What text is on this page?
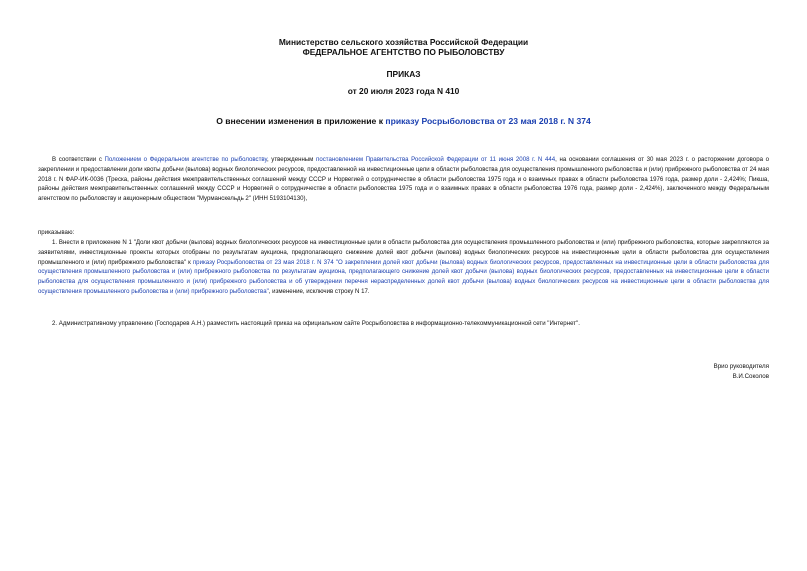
Министерство сельского хозяйства Российской Федерации
ФЕДЕРАЛЬНОЕ АГЕНТСТВО ПО РЫБОЛОВСТВУ
ПРИКАЗ
от 20 июля 2023 года N 410
О внесении изменения в приложение к приказу Росрыболовства от 23 мая 2018 г. N 374
В соответствии с Положением о Федеральном агентстве по рыболовству, утвержденным постановлением Правительства Российской Федерации от 11 июня 2008 г. N 444, на основании соглашения от 30 мая 2023 г. о расторжении договора о закреплении и предоставлении доли квоты добычи (вылова) водных биологических ресурсов, предоставленной на инвестиционные цели в области рыболовства для осуществления промышленного рыболовства и (или) прибрежного рыболовства от 24 мая 2018 г. N ФАР-ИК-0036 (Треска, районы действия межправительственных соглашений между СССР и Норвегией о сотрудничестве в области рыболовства 1975 года и о взаимных правах в области рыболовства 1976 года, размер доли - 2,424%; Пикша, районы действия межправительственных соглашений между СССР и Норвегией о сотрудничестве в области рыболовства 1975 года и о взаимных правах в области рыболовства 1976 года, размер доли - 2,424%), заключенного между Федеральным агентством по рыболовству и акционерным обществом "Мурманскельдь 2" (ИНН 5193104130),
приказываю:
1. Внести в приложение N 1 "Доли квот добычи (вылова) водных биологических ресурсов на инвестиционные цели в области рыболовства для осуществления промышленного рыболовства и (или) прибрежного рыболовства, которые закрепляются за заявителями, инвестиционные проекты которых отобраны по результатам аукциона, предполагающего снижение долей квот добычи (вылова) водных биологических ресурсов на инвестиционные цели в области рыболовства для осуществления промышленного и (или) прибрежного рыболовства" к приказу Росрыболовства от 23 мая 2018 г. N 374 "О закреплении долей квот добычи (вылова) водных биологических ресурсов, предоставленных на инвестиционные цели в области рыболовства для осуществления промышленного рыболовства и (или) прибрежного рыболовства по результатам аукциона, предполагающего снижение долей квот добычи (вылова) водных биологических ресурсов, предоставленных на инвестиционные цели в области рыболовства для осуществления промышленного и (или) прибрежного рыболовства и об утверждении перечня нераспределенных долей квот добычи (вылова) водных биологических ресурсов на инвестиционные цели в области рыболовства для осуществления промышленного рыболовства и (или) прибрежного рыболовства", изменение, исключив строку N 17.
2. Административному управлению (Господарев А.Н.) разместить настоящий приказ на официальном сайте Росрыболовства в информационно-телекоммуникационной сети "Интернет".
Врио руководителя
В.И.Соколов
